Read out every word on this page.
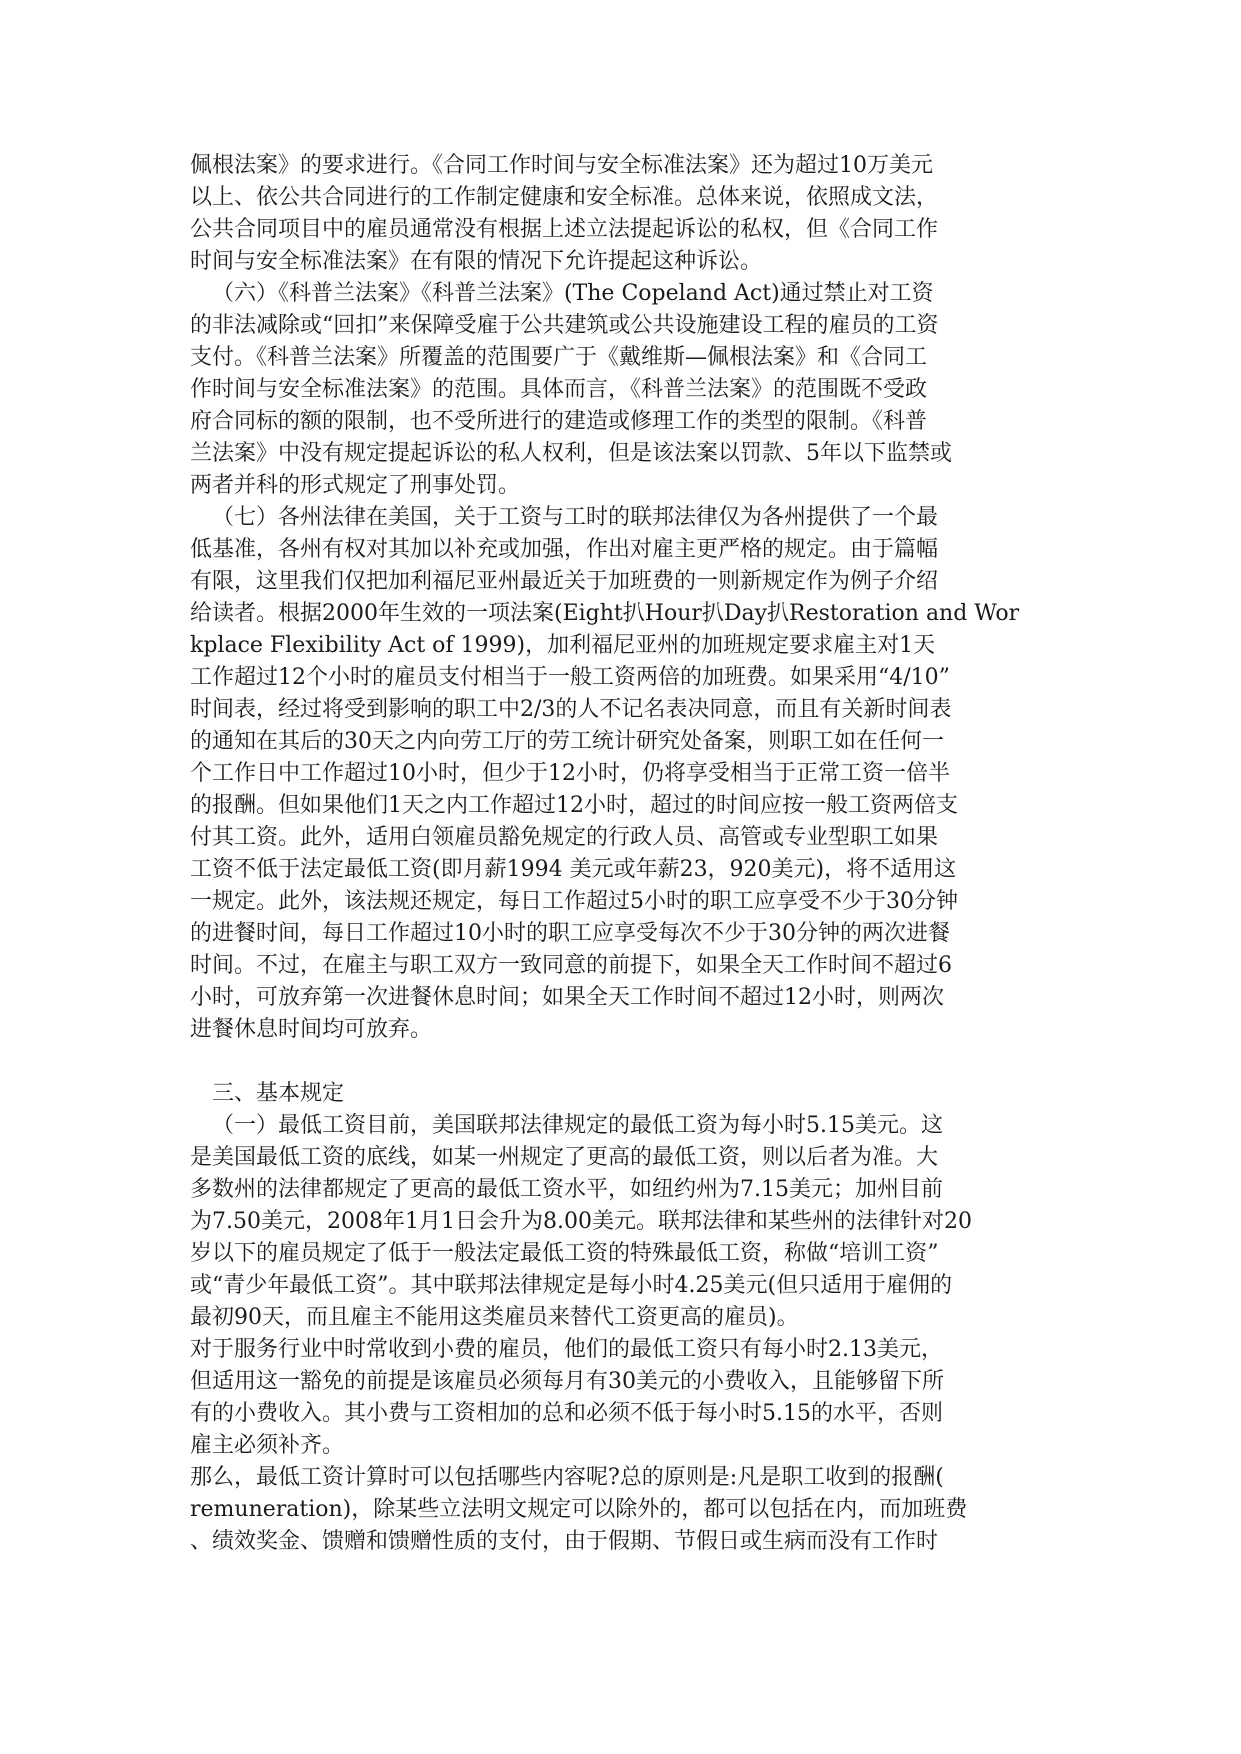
佩根法案》的要求进行。《合同工作时间与安全标准法案》还为超过10万美元
以上、依公共合同进行的工作制定健康和安全标准。总体来说，依照成文法，
公共合同项目中的雇员通常没有根据上述立法提起诉讼的私权，但《合同工作
时间与安全标准法案》在有限的情况下允许提起这种诉讼。
（六）《科普兰法案》《科普兰法案》(The Copeland Act)通过禁止对工资
的非法减除或“回扣”来保障受雇于公共建筑或公共设施建设工程的雇员的工资
支付。《科普兰法案》所覆盖的范围要广于《戴维斯—佩根法案》和《合同工
作时间与安全标准法案》的范围。具体而言，《科普兰法案》的范围既不受政
府合同标的额的限制，也不受所进行的建造或修理工作的类型的限制。《科普
兰法案》中没有规定提起诉讼的私人权利，但是该法案以罚款、5年以下监禁或
两者并科的形式规定了刑事处罚。
（七）各州法律在美国，关于工资与工时的联邦法律仅为各州提供了一个最
低基准，各州有权对其加以补充或加强，作出对雇主更严格的规定。由于篇幅
有限，这里我们仅把加利福尼亚州最近关于加班费的一则新规定作为例子介绍
给读者。根据2000年生效的一项法案(Eight扒Hour扒Day扒Restoration and Wor
kplace Flexibility Act of 1999)，加利福尼亚州的加班规定要求雇主对1天
工作超过12个小时的雇员支付相当于一般工资两倍的加班费。如果采用“4/10”
时间表，经过将受到影响的职工中2/3的人不记名表决同意，而且有关新时间表
的通知在其后的30天之内向劳工厅的劳工统计研究处备案，则职工如在任何一
个工作日中工作超过10小时，但少于12小时，仍将享受相当于正常工资一倍半
的报酬。但如果他们1天之内工作超过12小时，超过的时间应按一般工资两倍支
付其工资。此外，适用白领雇员豁免规定的行政人员、高管或专业型职工如果
工资不低于法定最低工资(即月薪1994 美元或年薪23，920美元)，将不适用这
一规定。此外，该法规还规定，每日工作超过5小时的职工应享受不少于30分钟
的进餐时间，每日工作超过10小时的职工应享受每次不少于30分钟的两次进餐
时间。不过，在雇主与职工双方一致同意的前提下，如果全天工作时间不超过6
小时，可放弃第一次进餐休息时间；如果全天工作时间不超过12小时，则两次
进餐休息时间均可放弃。
三、基本规定
（一）最低工资目前，美国联邦法律规定的最低工资为每小时5.15美元。这
是美国最低工资的底线，如某一州规定了更高的最低工资，则以后者为准。大
多数州的法律都规定了更高的最低工资水平，如纽约州为7.15美元；加州目前
为7.50美元，2008年1月1日会升为8.00美元。联邦法律和某些州的法律针对20
岁以下的雇员规定了低于一般法定最低工资的特殊最低工资，称做“培训工资”
或“青少年最低工资”。其中联邦法律规定是每小时4.25美元(但只适用于雇佣的
最初90天，而且雇主不能用这类雇员来替代工资更高的雇员)。
对于服务行业中时常收到小费的雇员，他们的最低工资只有每小时2.13美元，
但适用这一豁免的前提是该雇员必须每月有30美元的小费收入，且能够留下所
有的小费收入。其小费与工资相加的总和必须不低于每小时5.15的水平，否则
雇主必须补齐。
那么，最低工资计算时可以包括哪些内容呢?总的原则是:凡是职工收到的报酬(
remuneration)，除某些立法明文规定可以除外的，都可以包括在内，而加班费
、绩效奖金、馈赠和馈赠性质的支付，由于假期、节假日或生病而没有工作时
